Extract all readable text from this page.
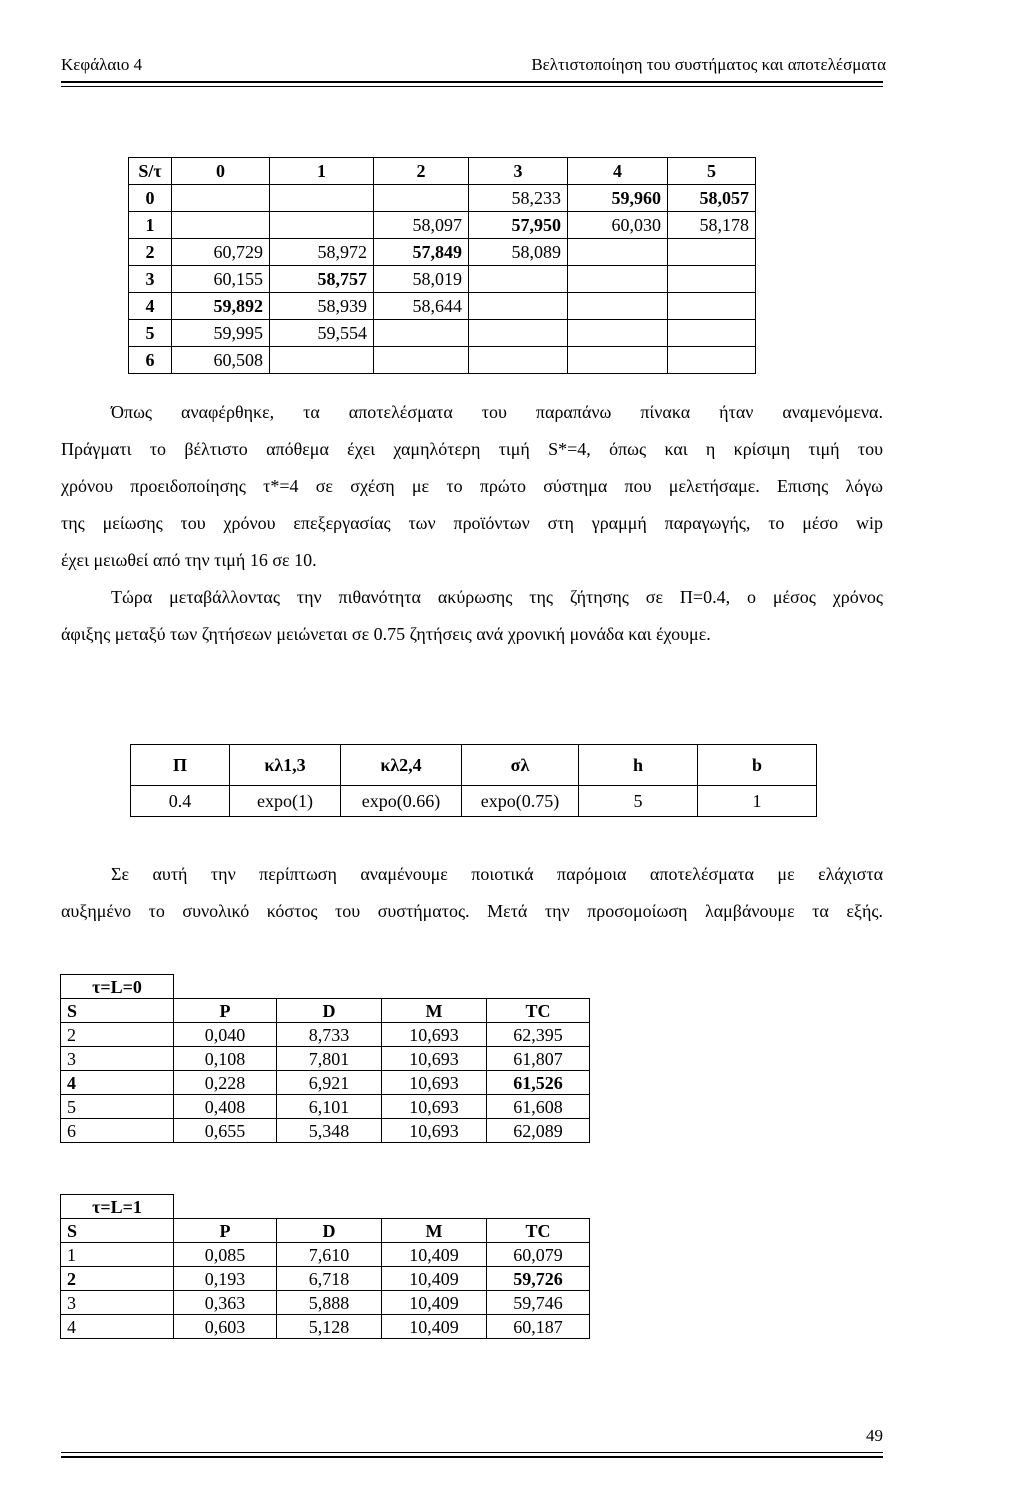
Κεφάλαιο 4	Βελτιστοποίηση του συστήματος και αποτελέσματα
S/τ	0	1	2	3	4	5
0				58,233	59,960	58,057
1			58,097	57,950	60,030	58,178
2	60,729	58,972	57,849	58,089		
3	60,155	58,757	58,019			
4	59,892	58,939	58,644			
5	59,995	59,554				
6	60,508					
Όπως αναφέρθηκε, τα αποτελέσματα του παραπάνω πίνακα ήταν αναμενόμενα.
Πράγματι το βέλτιστο απόθεμα έχει χαμηλότερη τιμή S*=4, όπως και η κρίσιμη τιμή του
χρόνου προειδοποίησης τ*=4 σε σχέση με το πρώτο σύστημα που μελετήσαμε. Επισης λόγω
της μείωσης του χρόνου επεξεργασίας των προϊόντων στη γραμμή παραγωγής, το μέσο wip
έχει μειωθεί από την τιμή 16 σε 10.
Τώρα μεταβάλλοντας την πιθανότητα ακύρωσης της ζήτησης σε Π=0.4, ο μέσος χρόνος
άφιξης μεταξύ των ζητήσεων μειώνεται σε 0.75 ζητήσεις ανά χρονική μονάδα και έχουμε.
Π	κλ1,3	κλ2,4	σλ	h	b
0.4	expo(1)	expo(0.66)	expo(0.75)	5	1
Σε αυτή την περίπτωση αναμένουμε ποιοτικά παρόμοια αποτελέσματα με ελάχιστα
αυξημένο το συνολικό κόστος του συστήματος. Μετά την προσομοίωση λαμβάνουμε τα εξής.
τ=L=0				
S	P	D	M	TC
2	0,040	8,733	10,693	62,395
3	0,108	7,801	10,693	61,807
4	0,228	6,921	10,693	61,526
5	0,408	6,101	10,693	61,608
6	0,655	5,348	10,693	62,089
τ=L=1				
S	P	D	M	TC
1	0,085	7,610	10,409	60,079
2	0,193	6,718	10,409	59,726
3	0,363	5,888	10,409	59,746
4	0,603	5,128	10,409	60,187
49
